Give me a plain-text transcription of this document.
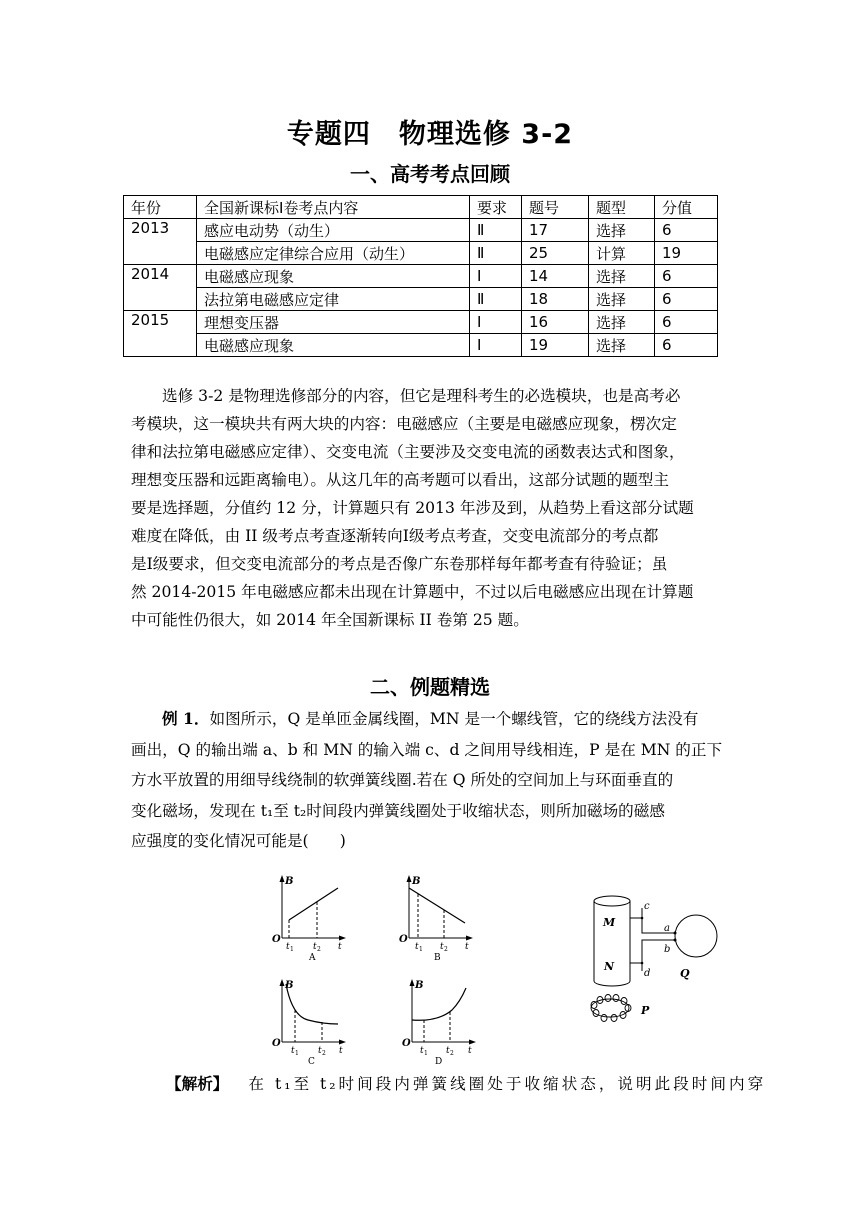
专题四　物理选修 3-2
一、高考考点回顾
年份	全国新课标Ⅰ卷考点内容	要求	题号	题型	分值
2013	感应电动势（动生）	Ⅱ	17	选择	6
	电磁感应定律综合应用（动生）	Ⅱ	25	计算	19
2014	电磁感应现象	Ⅰ	14	选择	6
	法拉第电磁感应定律	Ⅱ	18	选择	6
2015	理想变压器	Ⅰ	16	选择	6
	电磁感应现象	Ⅰ	19	选择	6
选修 3-2 是物理选修部分的内容，但它是理科考生的必选模块，也是高考必
考模块，这一模块共有两大块的内容：电磁感应（主要是电磁感应现象，楞次定
律和法拉第电磁感应定律）、交变电流（主要涉及交变电流的函数表达式和图象，
理想变压器和远距离输电）。从这几年的高考题可以看出，这部分试题的题型主
要是选择题，分值约 12 分，计算题只有 2013 年涉及到，从趋势上看这部分试题
难度在降低，由 II 级考点考查逐渐转向Ⅰ级考点考查，交变电流部分的考点都
是Ⅰ级要求，但交变电流部分的考点是否像广东卷那样每年都考查有待验证；虽
然 2014-2015 年电磁感应都未出现在计算题中，不过以后电磁感应出现在计算题
中可能性仍很大，如 2014 年全国新课标 II 卷第 25 题。
二、例题精选
例 1．如图所示，Q 是单匝金属线圈，MN 是一个螺线管，它的绕线方法没有
画出，Q 的输出端 a、b 和 MN 的输入端 c、d 之间用导线相连，P 是在 MN 的正下
方水平放置的用细导线绕制的软弹簧线圈.若在 Q 所处的空间加上与环面垂直的
变化磁场，发现在 t₁至 t₂时间段内弹簧线圈处于收缩状态，则所加磁场的磁感
应强度的变化情况可能是(　　)
B
O
t 1 t 2 t
A
B
O
t 1 t 2 t
B
B
O
t 1 t 2 t
C
B
O
t 1 t 2 t
D
M
N
c
d
a
b
Q
P
【解析】 在 t₁至 t₂时间段内弹簧线圈处于收缩状态，说明此段时间内穿
